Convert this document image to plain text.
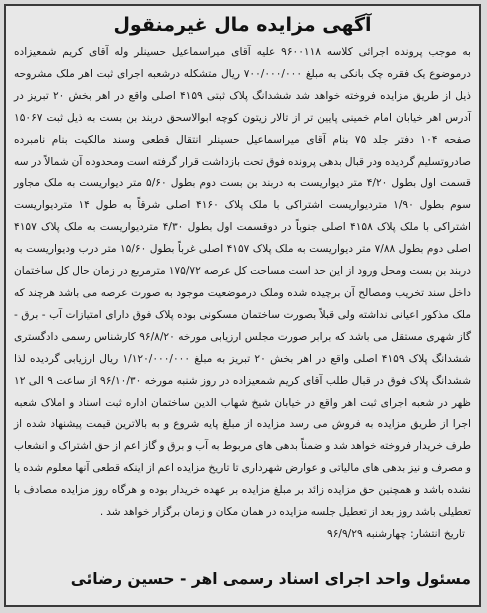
آگهی مزایده مال غیرمنقول

به موجب پرونده اجرائی کلاسه ۹۶۰۰۱۱۸ علیه آقای میراسماعیل حسینلر وله آقای کریم شمعیزاده درموضوع یک فقره چک بانکی به مبلغ ۷۰۰/۰۰۰/۰۰۰ ریال متشکله درشعبه اجرای ثبت اهر ملک مشروحه ذیل از طریق مزایده فروخته خواهد شد ششدانگ پلاک ثبتی ۴۱۵۹ اصلی واقع در اهر بخش ۲۰ تبریز در آدرس اهر خیابان امام خمینی پایین تر از تالار زیتون کوچه ابوالاسحق دربند بن بست به ذیل ثبت ۱۵۰۶۷ صفحه ۱۰۴ دفتر جلد ۷۵ بنام آقای میراسماعیل حسینلر انتقال قطعی وسند مالکیت بنام نامبرده صادروتسلیم گردیده ودر قبال بدهی پرونده فوق تحت بازداشت قرار گرفته است ومحدوده آن شمالاً در سه قسمت اول بطول ۴/۲۰ متر دیواریست به دربند بن بست دوم بطول ۵/۶۰ متر دیواریست به ملک مجاور سوم بطول ۱/۹۰ متردیواریست اشتراکی با ملک پلاک ۴۱۶۰ اصلی شرقاً به طول ۱۴ متردیواریست اشتراکی با ملک پلاک ۴۱۵۸ اصلی جنوباً در دوقسمت اول بطول ۴/۳۰ متردیواریست به ملک پلاک ۴۱۵۷ اصلی دوم بطول ۷/۸۸ متر دیواریست به ملک پلاک ۴۱۵۷ اصلی غرباً بطول ۱۵/۶۰ متر درب ودیواریست به دربند بن بست ومحل ورود از این حد است مساحت کل عرصه ۱۷۵/۷۲ مترمربع در زمان حال کل ساختمان داخل سند تخریب ومصالح آن برچیده شده وملک درموضعیت موجود به صورت عرصه می باشد هرچند که ملک مذکور اعیانی نداشته ولی قبلاً بصورت ساختمان مسکونی بوده پلاک فوق دارای امتیازات آب - برق - گاز شهری مستقل می باشد که برابر صورت مجلس ارزیابی مورخه ۹۶/۸/۲۰ کارشناس رسمی دادگستری ششدانگ پلاک ۴۱۵۹ اصلی واقع در اهر بخش ۲۰ تبریز به مبلغ ۱/۱۲۰/۰۰۰/۰۰۰ ریال ارزیابی گردیده لذا ششدانگ پلاک فوق در قبال طلب آقای کریم شمعیزاده در روز شنبه مورخه ۹۶/۱۰/۳۰ از ساعت ۹ الی ۱۲ ظهر در شعبه اجرای ثبت اهر واقع در خیابان شیخ شهاب الدین ساختمان اداره ثبت اسناد و املاک شعبه اجرا از طریق مزایده به فروش می رسد مزایده از مبلغ پایه شروع و به بالاترین قیمت پیشنهاد شده از طرف خریدار فروخته خواهد شد و ضمناً بدهی های مربوط به آب و برق و گاز اعم از حق اشتراک و انشعاب و مصرف و نیز بدهی های مالیاتی و عوارض شهرداری تا تاریخ مزایده اعم از اینکه قطعی آنها معلوم شده یا نشده باشد و همچنین حق مزایده زائد بر مبلغ مزایده بر عهده خریدار بوده و هرگاه روز مزایده مصادف با تعطیلی باشد روز بعد از تعطیل جلسه مزایده در همان مکان و زمان برگزار خواهد شد .

تاریخ انتشار: چهارشنبه ۹۶/۹/۲۹
مسئول واحد اجرای اسناد رسمی اهر - حسین رضائی
